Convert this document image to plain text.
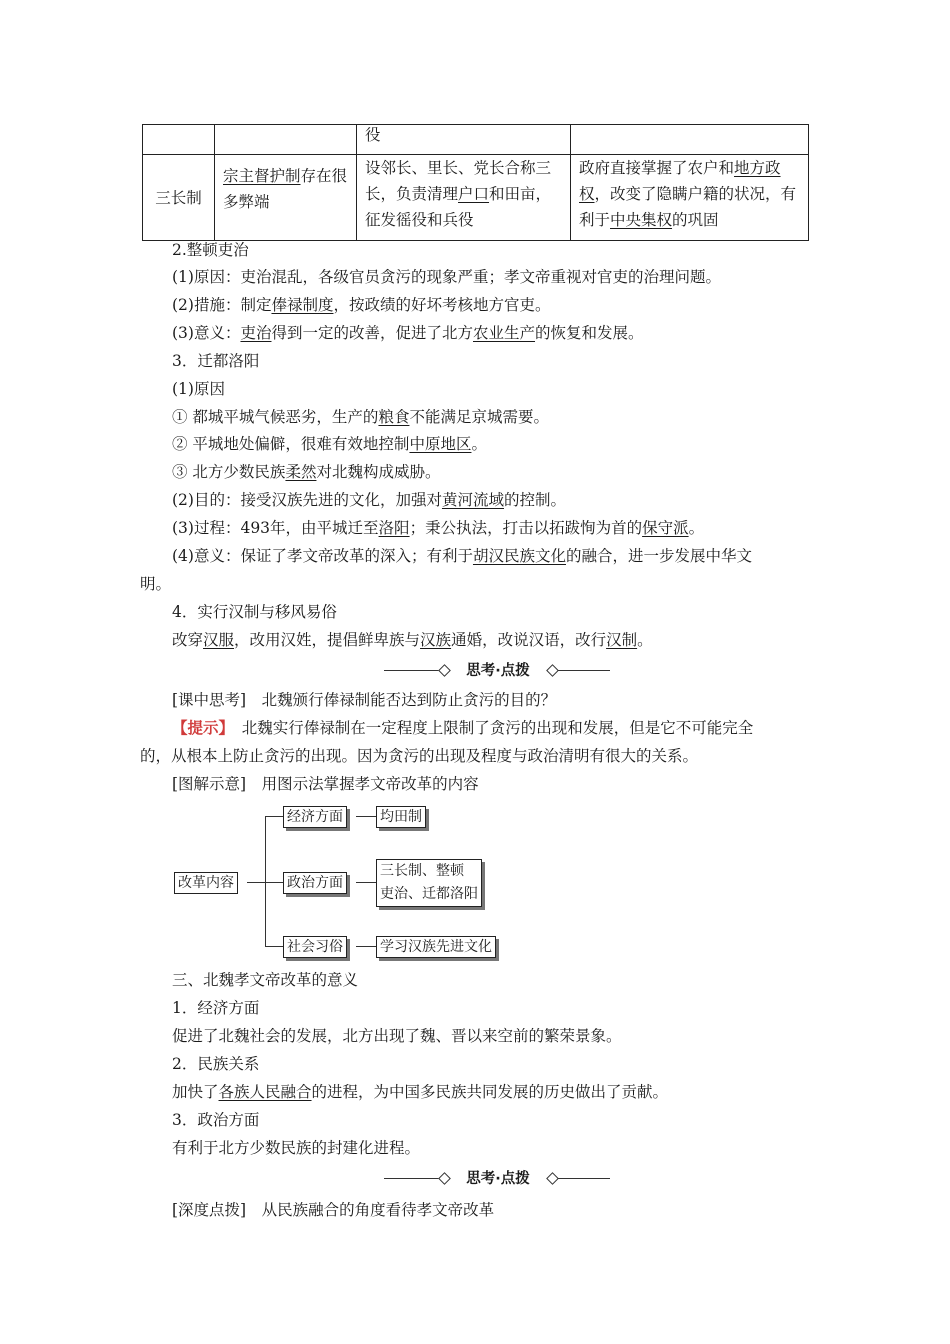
		役	
三长制	宗主督护制存在很多弊端	设邻长、里长、党长合称三长，负责清理户口和田亩，征发徭役和兵役	政府直接掌握了农户和地方政权，改变了隐瞒户籍的状况，有利于中央集权的巩固
2.整顿吏治
(1)原因：吏治混乱，各级官员贪污的现象严重；孝文帝重视对官吏的治理问题。
(2)措施：制定俸禄制度，按政绩的好坏考核地方官吏。
(3)意义：吏治得到一定的改善，促进了北方农业生产的恢复和发展。
3．迁都洛阳
(1)原因
① 都城平城气候恶劣，生产的粮食不能满足京城需要。
② 平城地处偏僻，很难有效地控制中原地区。
③ 北方少数民族柔然对北魏构成威胁。
(2)目的：接受汉族先进的文化，加强对黄河流域的控制。
(3)过程：493年，由平城迁至洛阳；秉公执法，打击以拓跋恂为首的保守派。
(4)意义：保证了孝文帝改革的深入；有利于胡汉民族文化的融合，进一步发展中华文
明。
4．实行汉制与移风易俗
改穿汉服，改用汉姓，提倡鲜卑族与汉族通婚，改说汉语，改行汉制。
思考·点拨
[课中思考]　北魏颁行俸禄制能否达到防止贪污的目的？
【提示】　北魏实行俸禄制在一定程度上限制了贪污的出现和发展，但是它不可能完全
的，从根本上防止贪污的出现。因为贪污的出现及程度与政治清明有很大的关系。
[图解示意]　用图示法掌握孝文帝改革的内容
改革内容
经济方面	均田制
政治方面
三长制、整顿
吏治、迁都洛阳
社会习俗	学习汉族先进文化
三、北魏孝文帝改革的意义
1．经济方面
促进了北魏社会的发展，北方出现了魏、晋以来空前的繁荣景象。
2．民族关系
加快了各族人民融合的进程，为中国多民族共同发展的历史做出了贡献。
3．政治方面
有利于北方少数民族的封建化进程。
思考·点拨
[深度点拨]　从民族融合的角度看待孝文帝改革
